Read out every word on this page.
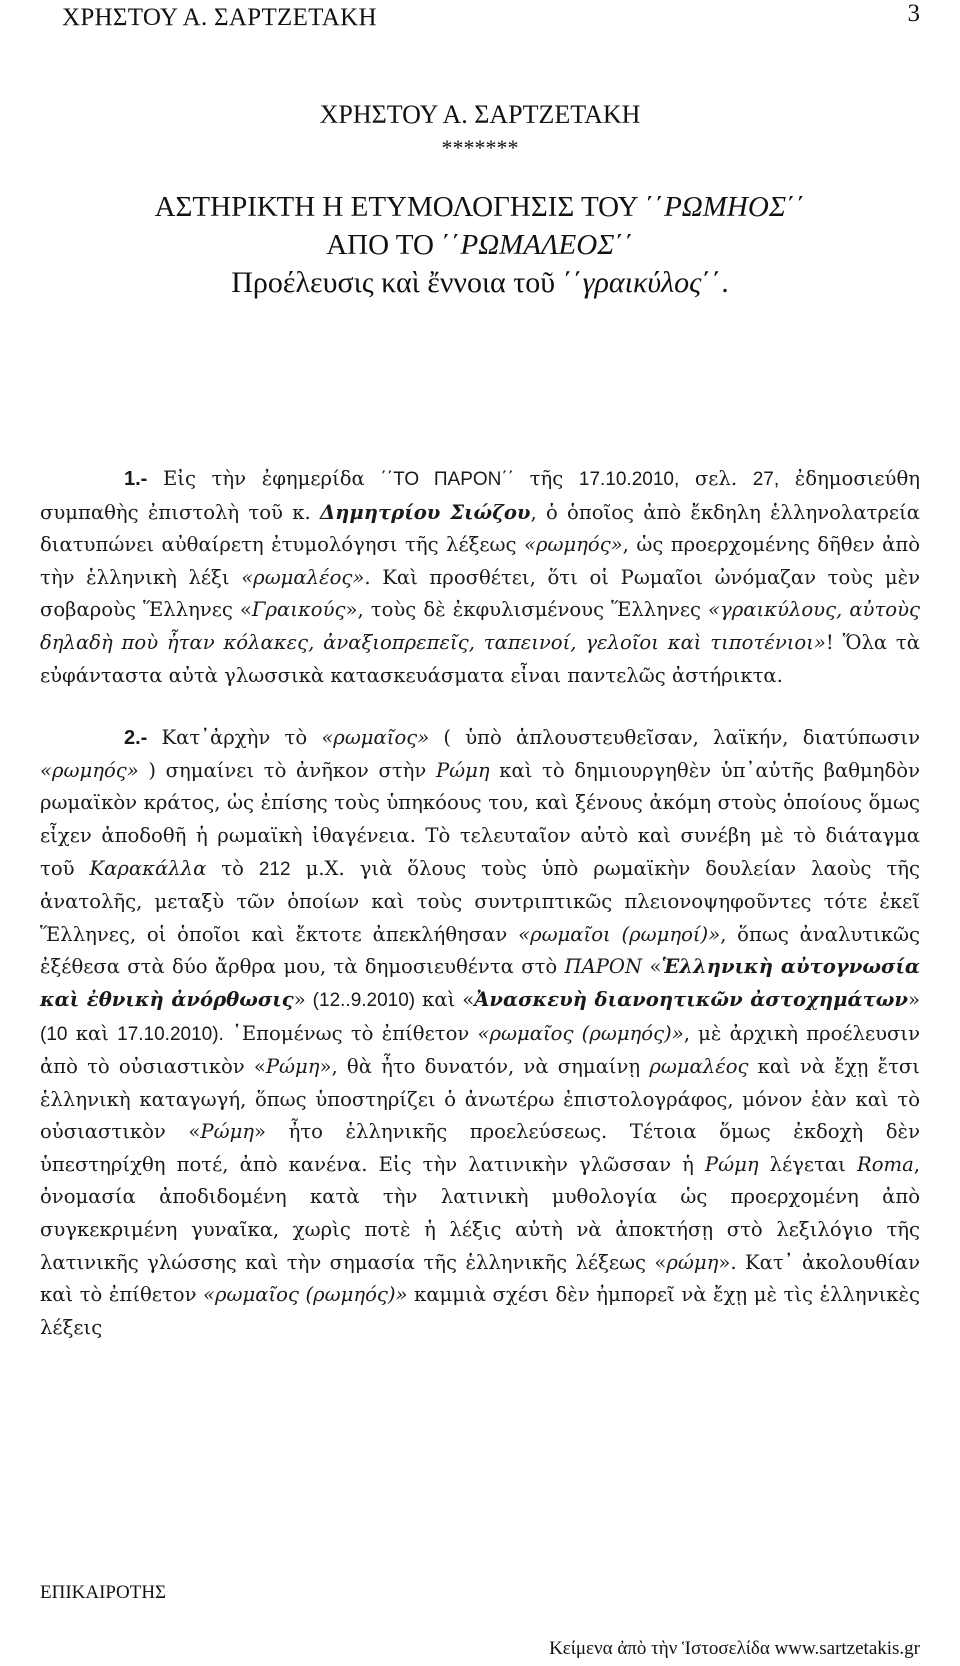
ΧΡΗΣΤΟΥ Α. ΣΑΡΤΖΕΤΑΚΗ	3
ΧΡΗΣΤΟΥ Α. ΣΑΡΤΖΕΤΑΚΗ
*******
ΑΣΤΗΡΙΚΤΗ Η ΕΤΥΜΟΛΟΓΗΣΙΣ ΤΟΥ ΄΄ΡΩΜΗΟΣ΄΄
ΑΠΟ ΤΟ ΄΄ΡΩΜΑΛΕΟΣ΄΄
Προέλευσις καὶ ἔννοια τοῦ ΄΄γραικύλος΄΄.

1.- Εἰς τὴν ἐφημερίδα ΄΄ΤΟ ΠΑΡΟΝ΄΄ τῆς 17.10.2010, σελ. 27, ἐδημοσιεύθη συμπαθὴς ἐπιστολὴ τοῦ κ. Δημητρίου Σιώζου, ὁ ὁποῖος ἀπὸ ἔκδηλη ἑλληνολατρεία διατυπώνει αὐθαίρετη ἐτυμολόγησι τῆς λέξεως «ρωμηός», ὡς προερχομένης δῆθεν ἀπὸ τὴν ἑλληνικὴ λέξι «ρωμαλέος». Καὶ προσθέτει, ὅτι οἱ Ρωμαῖοι ὠνόμαζαν τοὺς μὲν σοβαροὺς Ἕλληνες «Γραικούς», τοὺς δὲ ἐκφυλισμένους Ἕλληνες «γραικύλους, αὐτοὺς δηλαδὴ ποὺ ἦταν κόλακες, ἀναξιοπρεπεῖς, ταπεινοί, γελοῖοι καὶ τιποτένιοι»! Ὅλα τὰ εὐφάνταστα αὐτὰ γλωσσικὰ κατασκευάσματα εἶναι παντελῶς ἀστήρικτα.

2.- Κατ᾽ἀρχὴν τὸ «ρωμαῖος» ( ὑπὸ ἁπλουστευθεῖσαν, λαϊκήν, διατύπωσιν «ρωμηός» ) σημαίνει τὸ ἀνῆκον στὴν Ρώμη καὶ τὸ δημιουργηθὲν ὑπ᾽αὐτῆς βαθμηδὸν ρωμαϊκὸν κράτος, ὡς ἐπίσης τοὺς ὑπηκόους του, καὶ ξένους ἀκόμη στοὺς ὁποίους ὅμως εἶχεν ἀποδοθῆ ἡ ρωμαϊκὴ ἰθαγένεια. Τὸ τελευταῖον αὐτὸ καὶ συνέβη μὲ τὸ διάταγμα τοῦ Καρακάλλα τὸ 212 μ.Χ. γιὰ ὅλους τοὺς ὑπὸ ρωμαϊκὴν δουλείαν λαοὺς τῆς ἀνατολῆς, μεταξὺ τῶν ὁποίων καὶ τοὺς συντριπτικῶς πλειονοψηφοῦντες τότε ἐκεῖ Ἕλληνες, οἱ ὁποῖοι καὶ ἔκτοτε ἀπεκλήθησαν «ρωμαῖοι (ρωμηοί)», ὅπως ἀναλυτικῶς ἐξέθεσα στὰ δύο ἄρθρα μου, τὰ δημοσιευθέντα στὸ ΠΑΡΟΝ «Ἑλληνικὴ αὐτογνωσία καὶ ἐθνικὴ ἀνόρθωσις» (12..9.2010) καὶ «Ἀνασκευὴ διανοητικῶν ἀστοχημάτων» (10 καὶ 17.10.2010). ῾Επομένως τὸ ἐπίθετον «ρωμαῖος (ρωμηός)», μὲ ἀρχικὴ προέλευσιν ἀπὸ τὸ οὐσιαστικὸν «Ρώμη», θὰ ἦτο δυνατόν, νὰ σημαίνῃ ρωμαλέος καὶ νὰ ἔχῃ ἔτσι ἑλληνικὴ καταγωγή, ὅπως ὑποστηρίζει ὁ ἀνωτέρω ἐπιστολογράφος, μόνον ἐὰν καὶ τὸ οὐσιαστικὸν «Ρώμη» ἦτο ἑλληνικῆς προελεύσεως. Τέτοια ὅμως ἐκδοχὴ δὲν ὑπεστηρίχθη ποτέ, ἀπὸ κανένα. Εἰς τὴν λατινικὴν γλῶσσαν ἡ Ρώμη λέγεται Roma, ὀνομασία ἀποδιδομένη κατὰ τὴν λατινικὴ μυθολογία ὡς προερχομένη ἀπὸ συγκεκριμένη γυναῖκα, χωρὶς ποτὲ ἡ λέξις αὐτὴ νὰ ἀποκτήσῃ στὸ λεξιλόγιο τῆς λατινικῆς γλώσσης καὶ τὴν σημασία τῆς ἑλληνικῆς λέξεως «ρώμη». Κατ᾽ ἀκολουθίαν καὶ τὸ ἐπίθετον «ρωμαῖος (ρωμηός)» καμμιὰ σχέσι δὲν ἠμπορεῖ νὰ ἔχῃ μὲ τὶς ἑλληνικὲς λέξεις

ΕΠΙΚΑΙΡΟΤΗΣ
Κείμενα ἀπὸ τὴν Ἱστοσελίδα www.sartzetakis.gr
